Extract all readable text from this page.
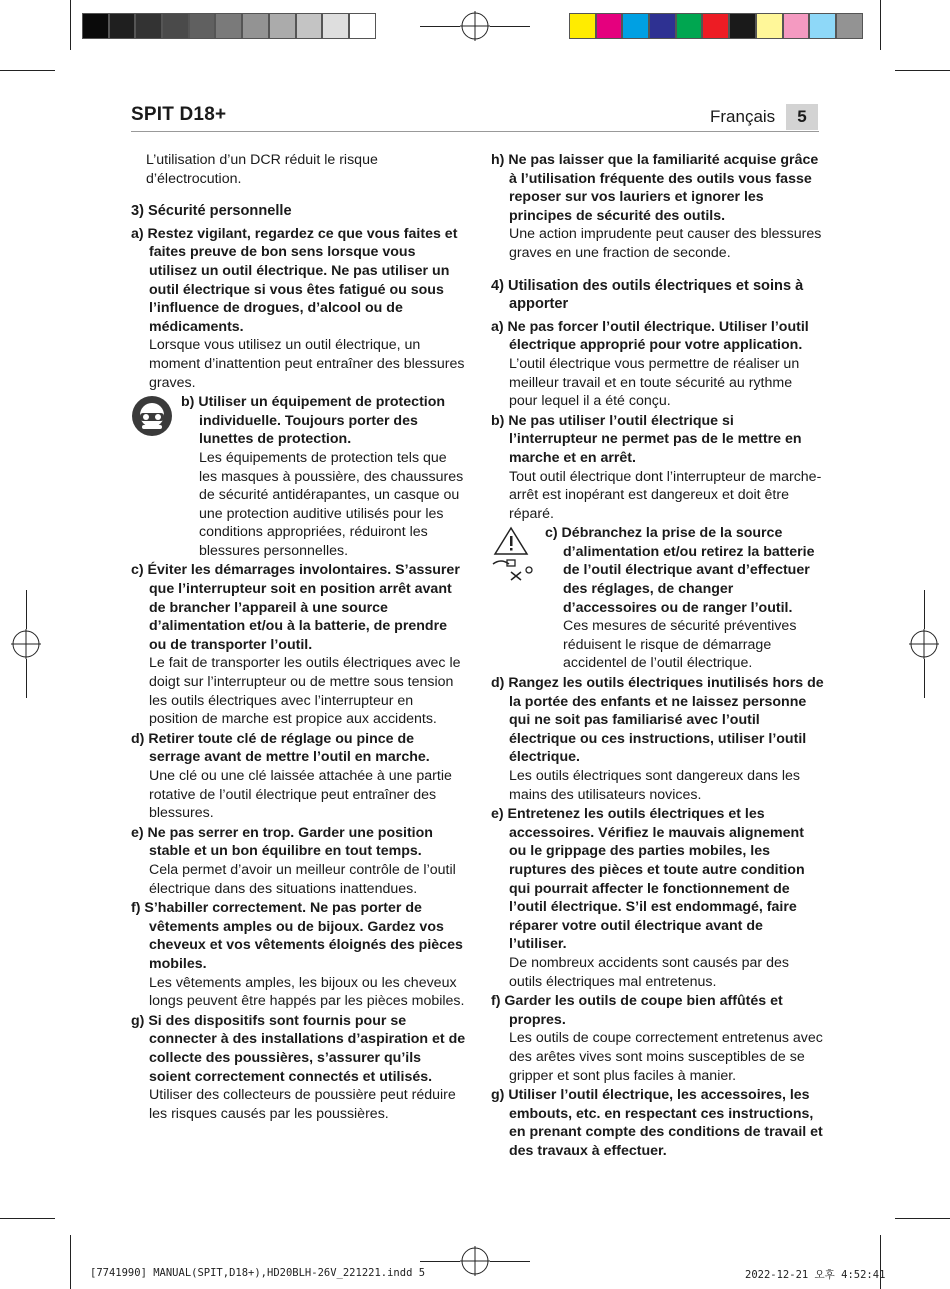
SPIT D18+	Français	5

L’utilisation d’un DCR réduit le risque

d’électrocution.

3) Sécurité personnelle
a) Restez vigilant, regardez ce que vous faites et faites preuve de bon sens lorsque vous utilisez un outil électrique. Ne pas utiliser un outil électrique si vous êtes fatigué ou sous l’influence de drogues, d’alcool ou de médicaments.
Lorsque vous utilisez un outil électrique, un moment d’inattention peut entraîner des blessures graves.
b) Utiliser un équipement de protection individuelle. Toujours porter des lunettes de protection.
Les équipements de protection tels que les masques à poussière, des chaussures de sécurité antidérapantes, un casque ou une protection auditive utilisés pour les conditions appropriées, réduiront les blessures personnelles.
c) Éviter les démarrages involontaires. S’assurer que l’interrupteur soit en position arrêt avant de brancher l’appareil à une source d’alimentation et/ou à la batterie, de prendre ou de transporter l’outil.
Le fait de transporter les outils électriques avec le doigt sur l’interrupteur ou de mettre sous tension les outils électriques avec l’interrupteur en position de marche est propice aux accidents.
d) Retirer toute clé de réglage ou pince de serrage avant de mettre l’outil en marche.
Une clé ou une clé laissée attachée à une partie rotative de l’outil électrique peut entraîner des blessures.
e) Ne pas serrer en trop. Garder une position stable et un bon équilibre en tout temps.
Cela permet d’avoir un meilleur contrôle de l’outil électrique dans des situations inattendues.
f) S’habiller correctement. Ne pas porter de vêtements amples ou de bijoux. Gardez vos cheveux et vos vêtements éloignés des pièces mobiles.
Les vêtements amples, les bijoux ou les cheveux longs peuvent être happés par les pièces mobiles.
g) Si des dispositifs sont fournis pour se connecter à des installations d’aspiration et de collecte des poussières, s’assurer qu’ils soient correctement connectés et utilisés.
Utiliser des collecteurs de poussière peut réduire les risques causés par les poussières.
h) Ne pas laisser que la familiarité acquise grâce à l’utilisation fréquente des outils vous fasse reposer sur vos lauriers et ignorer les principes de sécurité des outils.
Une action imprudente peut causer des blessures graves en une fraction de seconde.
4) Utilisation des outils électriques et soins à apporter
a) Ne pas forcer l’outil électrique. Utiliser l’outil électrique approprié pour votre application.
L’outil électrique vous permettre de réaliser un meilleur travail et en toute sécurité au rythme pour lequel il a été conçu.
b) Ne pas utiliser l’outil électrique si l’interrupteur ne permet pas de le mettre en marche et en arrêt.
Tout outil électrique dont l’interrupteur de marche-arrêt est inopérant est dangereux et doit être réparé.
c) Débranchez la prise de la source d’alimentation et/ou retirez la batterie de l’outil électrique avant d’effectuer des réglages, de changer d’accessoires ou de ranger l’outil.
Ces mesures de sécurité préventives réduisent le risque de démarrage accidentel de l’outil électrique.
d) Rangez les outils électriques inutilisés hors de la portée des enfants et ne laissez personne qui ne soit pas familiarisé avec l’outil électrique ou ces instructions, utiliser l’outil électrique.
Les outils électriques sont dangereux dans les mains des utilisateurs novices.
e) Entretenez les outils électriques et les accessoires. Vérifiez le mauvais alignement ou le grippage des parties mobiles, les ruptures des pièces et toute autre condition qui pourrait affecter le fonctionnement de l’outil électrique. S’il est endommagé, faire réparer votre outil électrique avant de l’utiliser.
De nombreux accidents sont causés par des outils électriques mal entretenus.
f) Garder les outils de coupe bien affûtés et propres.
Les outils de coupe correctement entretenus avec des arêtes vives sont moins susceptibles de se gripper et sont plus faciles à manier.
g) Utiliser l’outil électrique, les accessoires, les embouts, etc. en respectant ces instructions, en prenant compte des conditions de travail et des travaux à effectuer.
[7741990] MANUAL(SPIT,D18+),HD20BLH-26V_221221.indd 5	2022-12-21 오후 4:52:41
